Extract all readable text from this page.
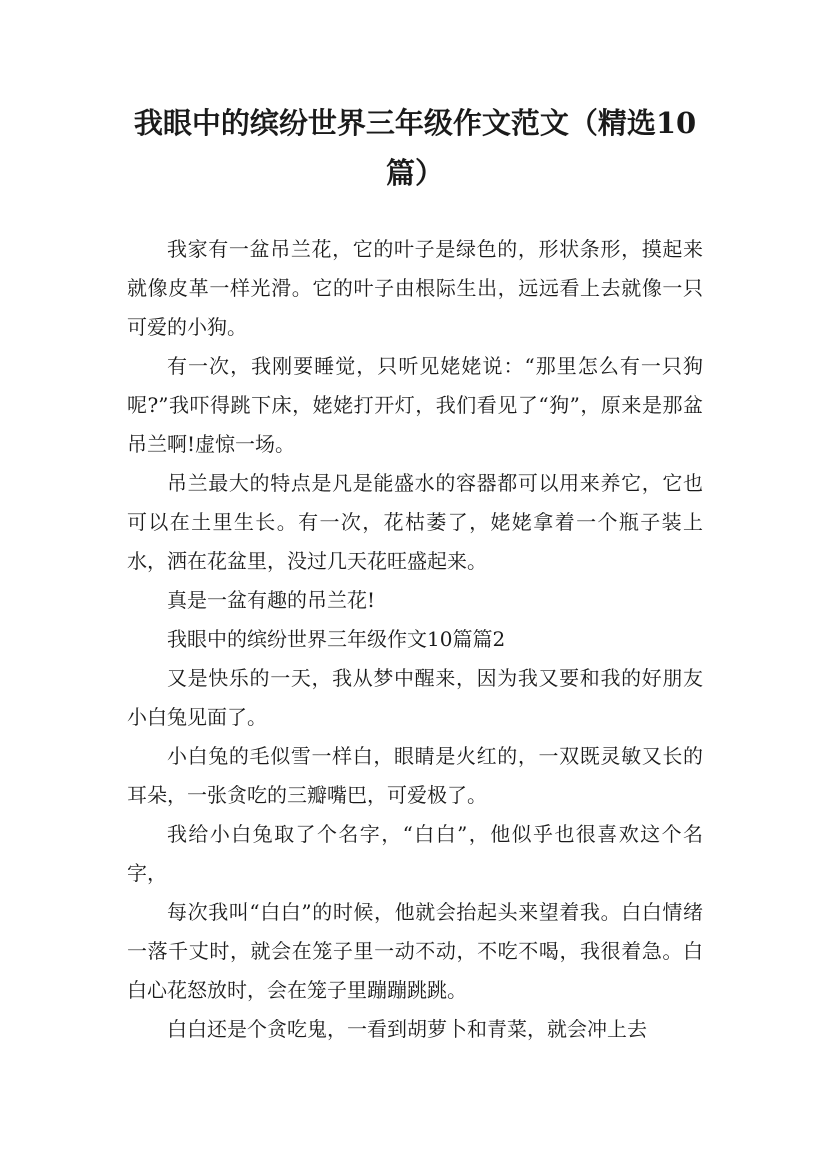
我眼中的缤纷世界三年级作文范文（精选10篇）

我家有一盆吊兰花，它的叶子是绿色的，形状条形，摸起来就像皮革一样光滑。它的叶子由根际生出，远远看上去就像一只可爱的小狗。

有一次，我刚要睡觉，只听见姥姥说：“那里怎么有一只狗呢?”我吓得跳下床，姥姥打开灯，我们看见了“狗”，原来是那盆吊兰啊!虚惊一场。

吊兰最大的特点是凡是能盛水的容器都可以用来养它，它也可以在土里生长。有一次，花枯萎了，姥姥拿着一个瓶子装上水，洒在花盆里，没过几天花旺盛起来。

真是一盆有趣的吊兰花!

我眼中的缤纷世界三年级作文10篇篇2

又是快乐的一天，我从梦中醒来，因为我又要和我的好朋友小白兔见面了。

小白兔的毛似雪一样白，眼睛是火红的，一双既灵敏又长的耳朵，一张贪吃的三瓣嘴巴，可爱极了。

我给小白兔取了个名字，“白白”，他似乎也很喜欢这个名字，

每次我叫“白白”的时候，他就会抬起头来望着我。白白情绪一落千丈时，就会在笼子里一动不动，不吃不喝，我很着急。白白心花怒放时，会在笼子里蹦蹦跳跳。

白白还是个贪吃鬼，一看到胡萝卜和青菜，就会冲上去
